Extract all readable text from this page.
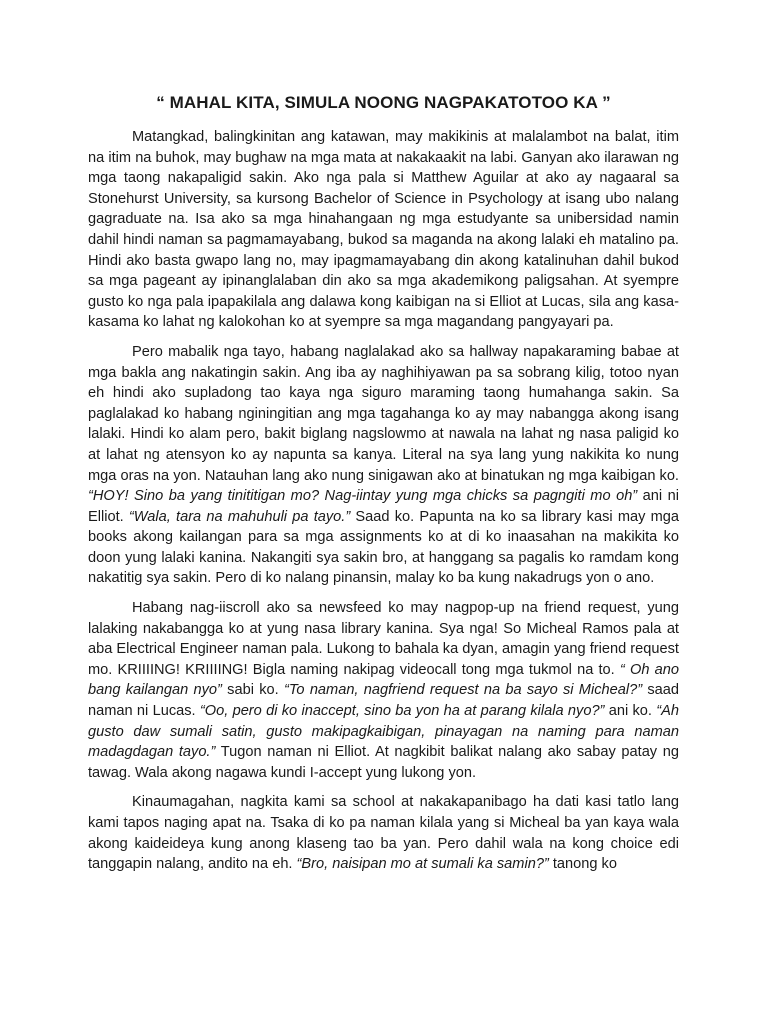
“ MAHAL KITA, SIMULA NOONG NAGPAKATOTOO KA ”

Matangkad, balingkinitan ang katawan, may makikinis at malalambot na balat, itim na itim na buhok, may bughaw na mga mata at nakakaakit na labi. Ganyan ako ilarawan ng mga taong nakapaligid sakin. Ako nga pala si Matthew Aguilar at ako ay nagaaral sa Stonehurst University, sa kursong Bachelor of Science in Psychology at isang ubo nalang gagraduate na. Isa ako sa mga hinahangaan ng mga estudyante sa unibersidad namin dahil hindi naman sa pagmamayabang, bukod sa maganda na akong lalaki eh matalino pa. Hindi ako basta gwapo lang no, may ipagmamayabang din akong katalinuhan dahil bukod sa mga pageant ay ipinanglalaban din ako sa mga akademikong paligsahan. At syempre gusto ko nga pala ipapakilala ang dalawa kong kaibigan na si Elliot at Lucas, sila ang kasa-kasama ko lahat ng kalokohan ko at syempre sa mga magandang pangyayari pa.

Pero mabalik nga tayo, habang naglalakad ako sa hallway napakaraming babae at mga bakla ang nakatingin sakin. Ang iba ay naghihiyawan pa sa sobrang kilig, totoo nyan eh hindi ako supladong tao kaya nga siguro maraming taong humahanga sakin. Sa paglalakad ko habang nginingitian ang mga tagahanga ko ay may nabangga akong isang lalaki. Hindi ko alam pero, bakit biglang nagslowmo at nawala na lahat ng nasa paligid ko at lahat ng atensyon ko ay napunta sa kanya. Literal na sya lang yung nakikita ko nung mga oras na yon. Natauhan lang ako nung sinigawan ako at binatukan ng mga kaibigan ko. “HOY! Sino ba yang tinititigan mo? Nag-iintay yung mga chicks sa pagngiti mo oh” ani ni Elliot. “Wala, tara na mahuhuli pa tayo.” Saad ko. Papunta na ko sa library kasi may mga books akong kailangan para sa mga assignments ko at di ko inaasahan na makikita ko doon yung lalaki kanina. Nakangiti sya sakin bro, at hanggang sa pagalis ko ramdam kong nakatitig sya sakin. Pero di ko nalang pinansin, malay ko ba kung nakadrugs yon o ano.

Habang nag-iiscroll ako sa newsfeed ko may nagpop-up na friend request, yung lalaking nakabangga ko at yung nasa library kanina. Sya nga! So Micheal Ramos pala at aba Electrical Engineer naman pala. Lukong to bahala ka dyan, amagin yang friend request mo. KRIIIING! KRIIIING! Bigla naming nakipag videocall tong mga tukmol na to. “ Oh ano bang kailangan nyo” sabi ko. “To naman, nagfriend request na ba sayo si Micheal?” saad naman ni Lucas. “Oo, pero di ko inaccept, sino ba yon ha at parang kilala nyo?” ani ko. “Ah gusto daw sumali satin, gusto makipagkaibigan, pinayagan na naming para naman madagdagan tayo.” Tugon naman ni Elliot. At nagkibit balikat nalang ako sabay patay ng tawag. Wala akong nagawa kundi I-accept yung lukong yon.

Kinaumagahan, nagkita kami sa school at nakakapanibago ha dati kasi tatlo lang kami tapos naging apat na. Tsaka di ko pa naman kilala yang si Micheal ba yan kaya wala akong kaideideya kung anong klaseng tao ba yan. Pero dahil wala na kong choice edi tanggapin nalang, andito na eh. “Bro, naisipan mo at sumali ka samin?” tanong ko
